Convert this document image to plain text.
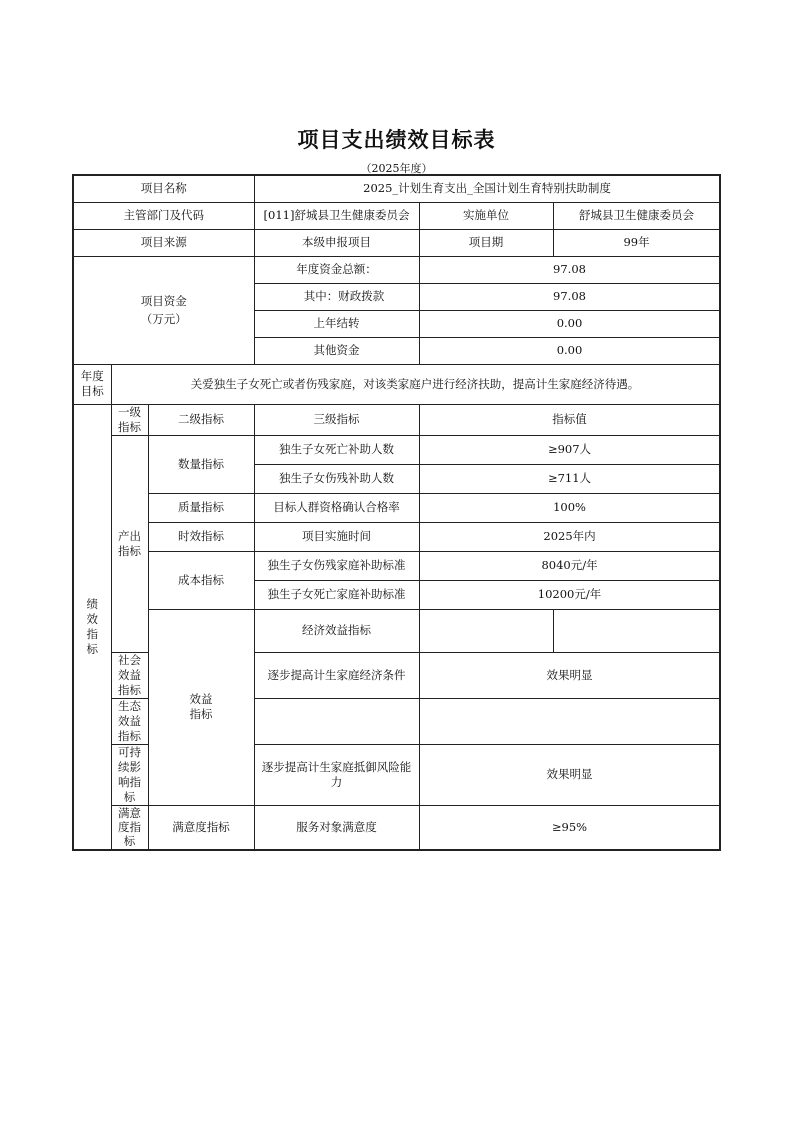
项目支出绩效目标表
（2025年度）
项目名称			2025_计划生育支出_全国计划生育特别扶助制度		
主管部门及代码			[011]舒城县卫生健康委员会	实施单位	舒城县卫生健康委员会
项目来源			本级申报项目	项目期	99年
项目资金
（万元）			年度资金总额：	97.08	
			其中：财政拨款	97.08	
			上年结转	0.00	
			其他资金	0.00	
年度目标	关爱独生子女死亡或者伤残家庭，对该类家庭户进行经济扶助，提高计生家庭经济待遇。				
绩效指标	一级指标	二级指标	三级指标	指标值	
	产出指标	数量指标	独生子女死亡补助人数	≥907人	
			独生子女伤残补助人数	≥711人	
		质量指标	目标人群资格确认合格率	100%	
		时效指标	项目实施时间	2025年内	
		成本指标	独生子女伤残家庭补助标准	8040元/年	
			独生子女死亡家庭补助标准	10200元/年	
		效益指标	经济效益指标		
	社会效益指标		逐步提高计生家庭经济条件	效果明显	
	生态效益指标				
	可持续影响指标		逐步提高计生家庭抵御风险能力	效果明显	
	满意度指标	满意度指标	服务对象满意度	≥95%	
